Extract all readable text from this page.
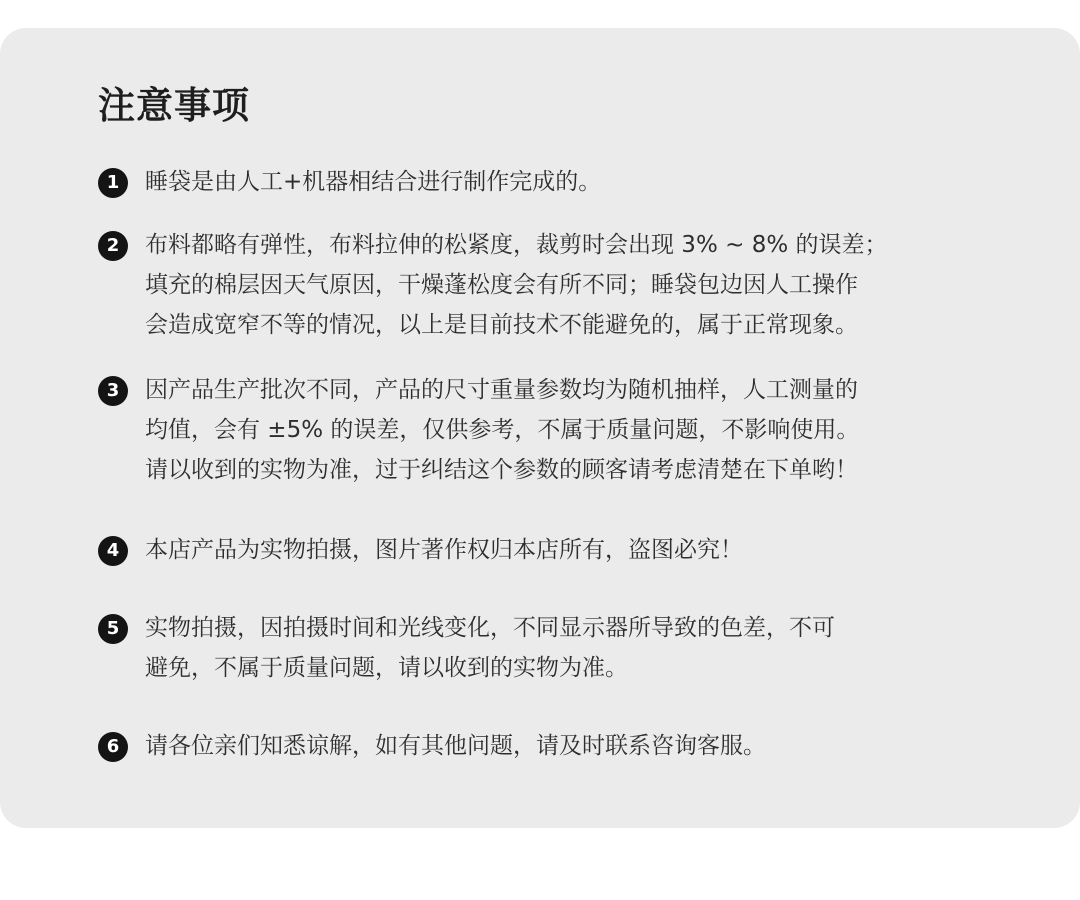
注意事项
1	睡袋是由人工+机器相结合进行制作完成的。
2	布料都略有弹性，布料拉伸的松紧度，裁剪时会出现 3% ~ 8% 的误差；
填充的棉层因天气原因，干燥蓬松度会有所不同；睡袋包边因人工操作
会造成宽窄不等的情况，以上是目前技术不能避免的，属于正常现象。
3	因产品生产批次不同，产品的尺寸重量参数均为随机抽样，人工测量的
均值，会有 ±5% 的误差，仅供参考，不属于质量问题，不影响使用。
请以收到的实物为准，过于纠结这个参数的顾客请考虑清楚在下单哟！
4	本店产品为实物拍摄，图片著作权归本店所有，盗图必究！
5	实物拍摄，因拍摄时间和光线变化，不同显示器所导致的色差，不可
避免，不属于质量问题，请以收到的实物为准。
6	请各位亲们知悉谅解，如有其他问题，请及时联系咨询客服。
